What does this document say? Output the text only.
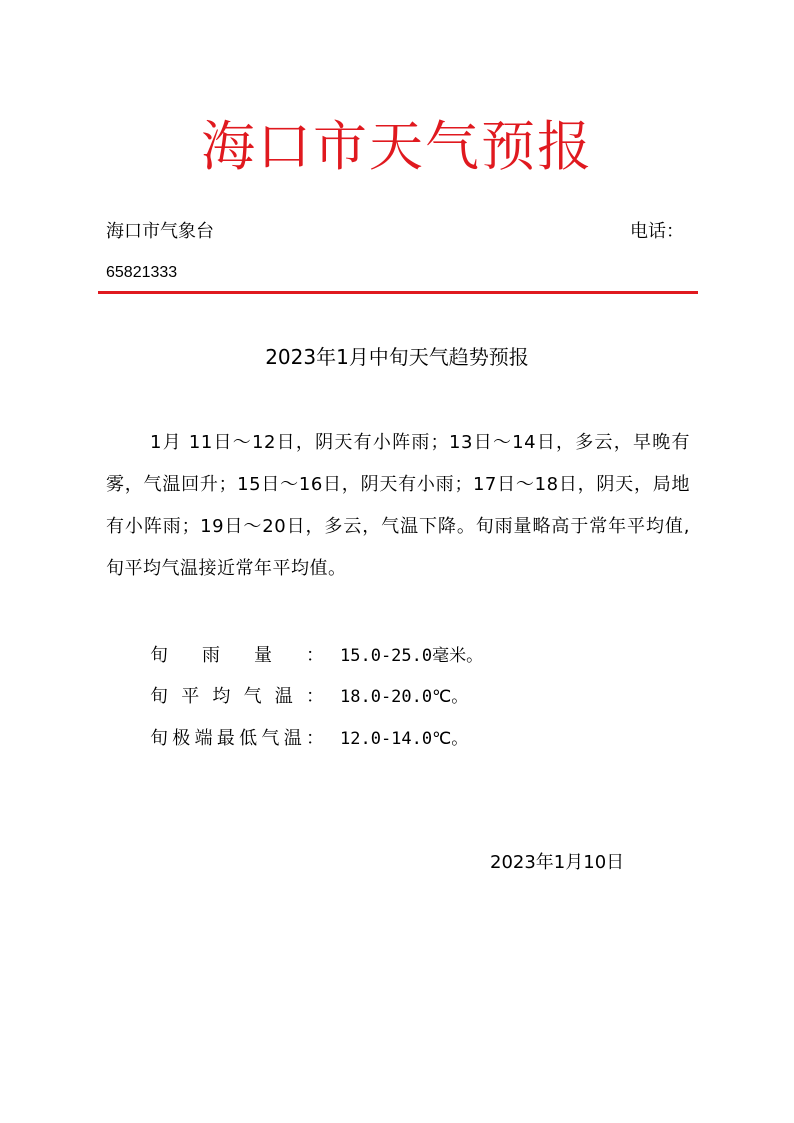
海口市天气预报
海口市气象台	电话：
65821333
2023年1月中旬天气趋势预报

1月 11日～12日，阴天有小阵雨；13日～14日，多云，早晚有雾，气温回升；15日～16日，阴天有小雨；17日～18日，阴天，局地有小阵雨；19日～20日，多云，气温下降。旬雨量略高于常年平均值,旬平均气温接近常年平均值。

旬雨量： 15.0-25.0毫米。
旬平均气温： 18.0-20.0℃。
旬极端最低气温： 12.0-14.0℃。
2023年1月10日
